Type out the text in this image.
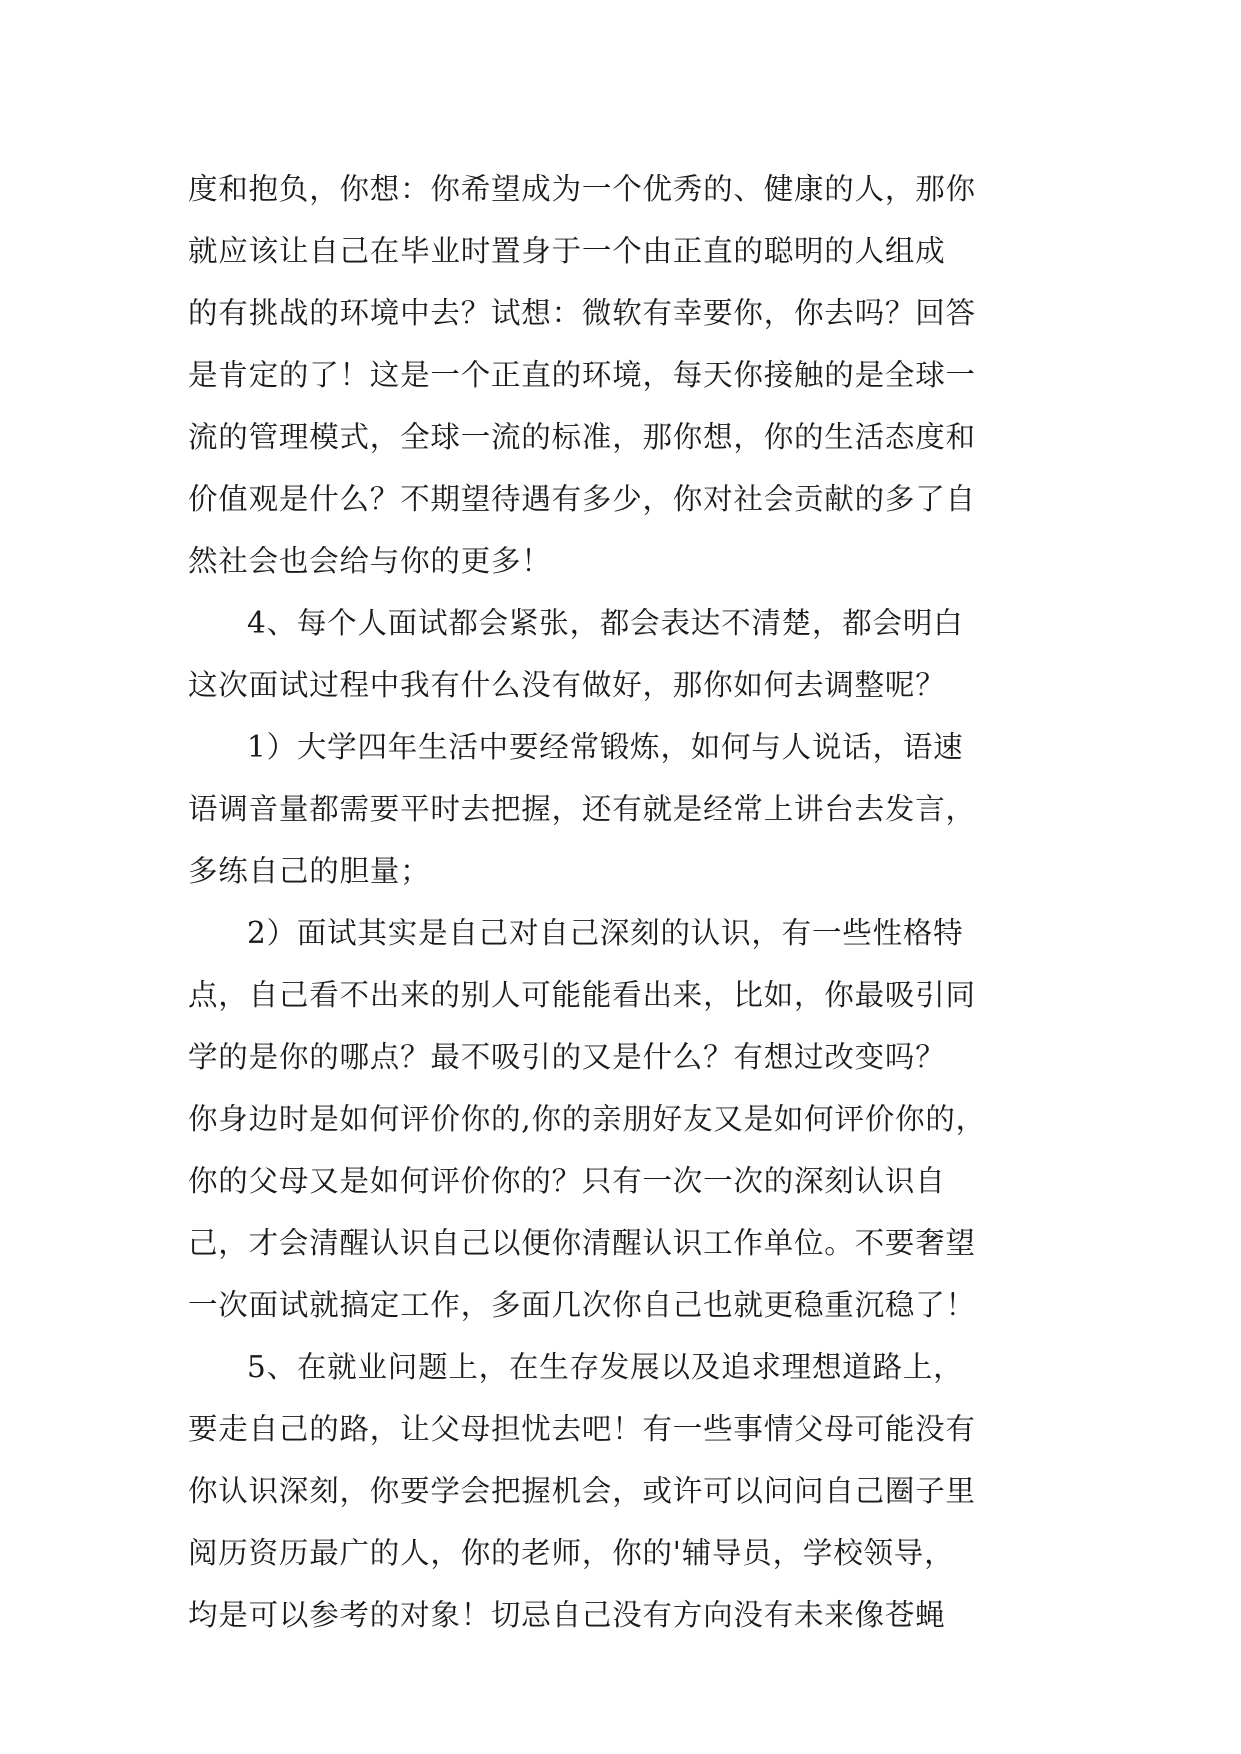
度和抱负，你想：你希望成为一个优秀的、健康的人，那你
就应该让自己在毕业时置身于一个由正直的聪明的人组成
的有挑战的环境中去？试想：微软有幸要你，你去吗？回答
是肯定的了！这是一个正直的环境，每天你接触的是全球一
流的管理模式，全球一流的标准，那你想，你的生活态度和
价值观是什么？不期望待遇有多少，你对社会贡献的多了自
然社会也会给与你的更多！
4、每个人面试都会紧张，都会表达不清楚，都会明白
这次面试过程中我有什么没有做好，那你如何去调整呢？
1）大学四年生活中要经常锻炼，如何与人说话，语速
语调音量都需要平时去把握，还有就是经常上讲台去发言，
多练自己的胆量；
2）面试其实是自己对自己深刻的认识，有一些性格特
点，自己看不出来的别人可能能看出来，比如，你最吸引同
学的是你的哪点？最不吸引的又是什么？有想过改变吗？
你身边时是如何评价你的,你的亲朋好友又是如何评价你的，
你的父母又是如何评价你的？只有一次一次的深刻认识自
己，才会清醒认识自己以便你清醒认识工作单位。不要奢望
一次面试就搞定工作，多面几次你自己也就更稳重沉稳了！
5、在就业问题上，在生存发展以及追求理想道路上，
要走自己的路，让父母担忧去吧！有一些事情父母可能没有
你认识深刻，你要学会把握机会，或许可以问问自己圈子里
阅历资历最广的人，你的老师，你的'辅导员，学校领导，
均是可以参考的对象！切忌自己没有方向没有未来像苍蝇
